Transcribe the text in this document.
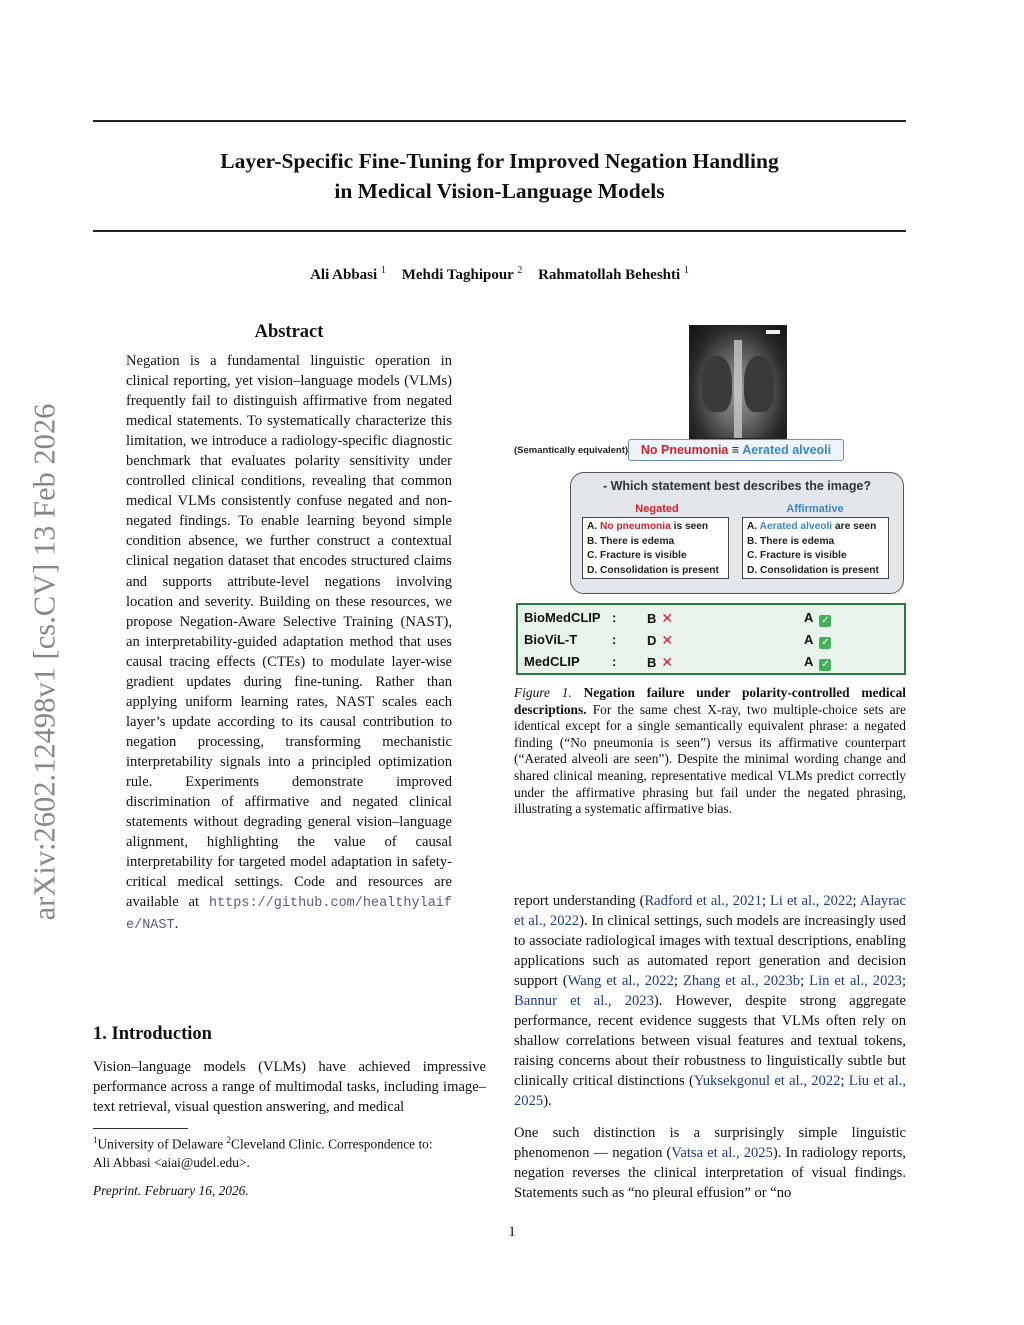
Layer-Specific Fine-Tuning for Improved Negation Handling
in Medical Vision-Language Models
Ali Abbasi $^1$ Mehdi Taghipour $^2$ Rahmatollah Beheshti $^1$
arXiv:2602.12498v1 [cs.CV] 13 Feb 2026
Abstract
Negation is a fundamental linguistic operation in clinical reporting, yet vision–language models (VLMs) frequently fail to distinguish affirmative from negated medical statements. To systematically characterize this limitation, we introduce a radiology-specific diagnostic benchmark that evaluates polarity sensitivity under controlled clinical conditions, revealing that common medical VLMs consistently confuse negated and non-negated findings. To enable learning beyond simple condition absence, we further construct a contextual clinical negation dataset that encodes structured claims and supports attribute-level negations involving location and severity. Building on these resources, we propose Negation-Aware Selective Training (NAST), an interpretability-guided adaptation method that uses causal tracing effects (CTEs) to modulate layer-wise gradient updates during fine-tuning. Rather than applying uniform learning rates, NAST scales each layer’s update according to its causal contribution to negation processing, transforming mechanistic interpretability signals into a principled optimization rule. Experiments demonstrate improved discrimination of affirmative and negated clinical statements without degrading general vision–language alignment, highlighting the value of causal interpretability for targeted model adaptation in safety-critical medical settings. Code and resources are available at https://github.com/healthylaife/NAST.
1. Introduction
Vision–language models (VLMs) have achieved impressive performance across a range of multimodal tasks, including image–text retrieval, visual question answering, and medical
$^1$University of Delaware $^2$Cleveland Clinic. Correspondence to:
Ali Abbasi <aiai@udel.edu>.
Preprint. February 16, 2026.
1
(Semantically equivalent)	No Pneumonia ≡ Aerated alveoli
- Which statement best describes the image?
Negated	Affirmative
A. No pneumonia is seen
B. There is edema
C. Fracture is visible
D. Consolidation is present
A. Aerated alveoli are seen
B. There is edema
C. Fracture is visible
D. Consolidation is present
BioMedCLIP : B ✕	A ✓
BioViL-T	: D ✕	A ✓
MedCLIP	: B ✕	A ✓
Figure 1. Negation failure under polarity-controlled medical descriptions. For the same chest X-ray, two multiple-choice sets are identical except for a single semantically equivalent phrase: a negated finding (“No pneumonia is seen”) versus its affirmative counterpart (“Aerated alveoli are seen”). Despite the minimal wording change and shared clinical meaning, representative medical VLMs predict correctly under the affirmative phrasing but fail under the negated phrasing, illustrating a systematic affirmative bias.
report understanding (Radford et al., 2021; Li et al., 2022; Alayrac et al., 2022). In clinical settings, such models are increasingly used to associate radiological images with textual descriptions, enabling applications such as automated report generation and decision support (Wang et al., 2022; Zhang et al., 2023b; Lin et al., 2023; Bannur et al., 2023). However, despite strong aggregate performance, recent evidence suggests that VLMs often rely on shallow correlations between visual features and textual tokens, raising concerns about their robustness to linguistically subtle but clinically critical distinctions (Yuksekgonul et al., 2022; Liu et al., 2025).
One such distinction is a surprisingly simple linguistic phenomenon — negation (Vatsa et al., 2025). In radiology reports, negation reverses the clinical interpretation of visual findings. Statements such as “no pleural effusion” or “no
